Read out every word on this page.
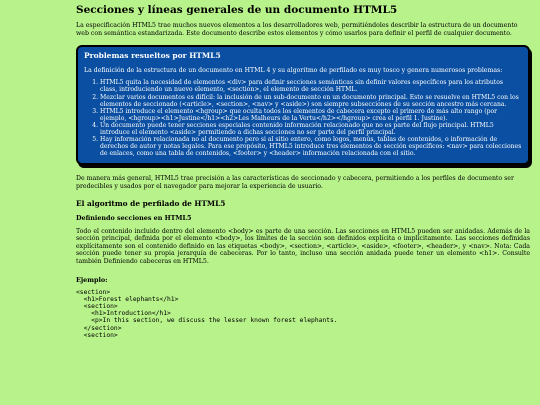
Secciones y líneas generales de un documento HTML5

La especificación HTML5 trae muchos nuevos elementos a los desarrolladores web, permitiéndoles describir la estructura de un documento web con semántica estandarizada. Este documento describe estos elementos y cómo usarlos para definir el perfil de cualquier documento.

Problemas resueltos por HTML5

La definición de la estructura de un documento en HTML 4 y su algoritmo de perfilado es muy tosco y genera numerosos problemas:

1. HTML5 quita la necesidad de elementos <div> para definir secciones semánticas sin definir valores específicos para los atributos class, introduciendo un nuevo elemento, <section>, el elemento de sección HTML.
2. Mezclar varios documentos es difícil: la inclusión de un sub-documento en un documento principal. Esto se resuelve en HTML5 con los elementos de seccionado (<article>, <section>, <nav> y <aside>) son siempre subsecciones de su sección ancestro más cercana.
3. HTML5 introduce el elemento <hgroup> que oculta todos los elementos de cabecera excepto el primero de más alto rango (por ejemplo, <hgroup><h1>Justine</h1><h2>Les Malheurs de la Vertu</h2></hgroup> crea el perfil 1. Justine).
4. Un documento puede tener secciones especiales contenido información relacionado que no es parte del flujo principal. HTML5 introduce el elemento <aside> permitiendo a dichas secciones no ser parte del perfil principal.
5. Hay información relacionada no al documento pero si al sitio entero, como logos, menús, tablas de contenidos, o información de derechos de autor y notas legales. Para ese propósito, HTML5 introduce tres elementos de sección específicos: <nav> para colecciones de enlaces, como una tabla de contenidos, <footer> y <header> información relacionada con el sitio.

De manera más general, HTML5 trae precisión a las características de seccionado y cabecera, permitiendo a los perfiles de documento ser predecibles y usados por el navegador para mejorar la experiencia de usuario.

El algoritmo de perfilado de HTML5
Definiendo secciones en HTML5

Todo el contenido incluido dentro del elemento <body> es parte de una sección. Las secciones en HTML5 pueden ser anidadas. Además de la sección principal, definida por el elemento <body>, los límites de la sección son definidos explícita o implícitamente. Las secciones definidas explícitamente son el contenido definido en las etiquetas <body>, <section>, <article>, <aside>, <footer>, <header>, y <nav>. Nota: Cada sección puede tener su propia jerarquía de cabeceras. Por lo tanto, incluso una sección anidada puede tener un elemento <h1>. Consulte también Definiendo cabeceras en HTML5.

Ejemplo:
<section>
<h1>Forest elephants</h1>
<section>
<h1>Introduction</h1>
<p>In this section, we discuss the lesser known forest elephants.
</section>
<section>
